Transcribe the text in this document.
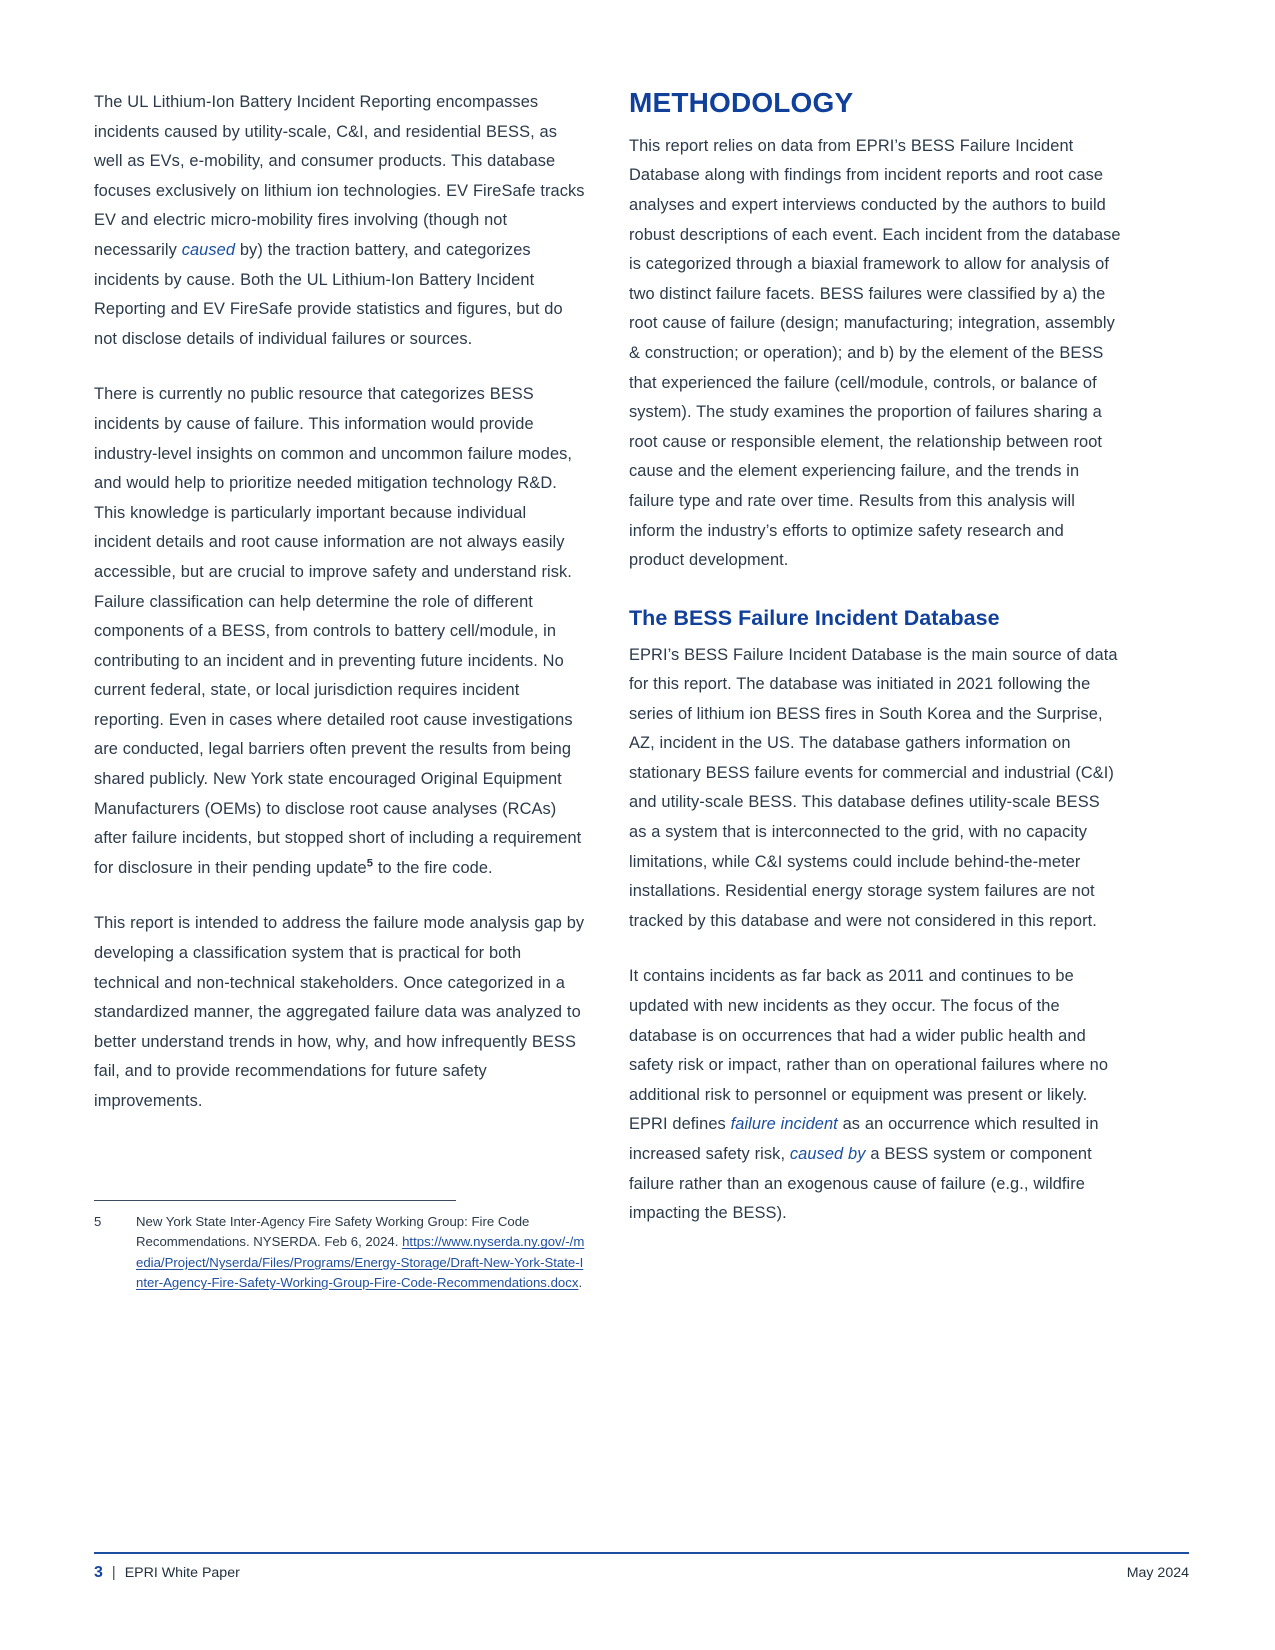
The UL Lithium-Ion Battery Incident Reporting encompasses incidents caused by utility-scale, C&I, and residential BESS, as well as EVs, e-mobility, and consumer products. This database focuses exclusively on lithium ion technologies. EV FireSafe tracks EV and electric micro-mobility fires involving (though not necessarily caused by) the traction battery, and categorizes incidents by cause. Both the UL Lithium-Ion Battery Incident Reporting and EV FireSafe provide statistics and figures, but do not disclose details of individual failures or sources.

There is currently no public resource that categorizes BESS incidents by cause of failure. This information would provide industry-level insights on common and uncommon failure modes, and would help to prioritize needed mitigation technology R&D. This knowledge is particularly important because individual incident details and root cause information are not always easily accessible, but are crucial to improve safety and understand risk. Failure classification can help determine the role of different components of a BESS, from controls to battery cell/module, in contributing to an incident and in preventing future incidents. No current federal, state, or local jurisdiction requires incident reporting. Even in cases where detailed root cause investigations are conducted, legal barriers often prevent the results from being shared publicly. New York state encouraged Original Equipment Manufacturers (OEMs) to disclose root cause analyses (RCAs) after failure incidents, but stopped short of including a requirement for disclosure in their pending update$^5$ to the fire code.

This report is intended to address the failure mode analysis gap by developing a classification system that is practical for both technical and non-technical stakeholders. Once categorized in a standardized manner, the aggregated failure data was analyzed to better understand trends in how, why, and how infrequently BESS fail, and to provide recommendations for future safety improvements.

5	New York State Inter-Agency Fire Safety Working Group: Fire Code Recommendations. NYSERDA. Feb 6, 2024. https://www.nyserda.ny.gov/-/media/Project/Nyserda/Files/Programs/Energy-Storage/Draft-New-York-State-Inter-Agency-Fire-Safety-Working-Group-Fire-Code-Recommendations.docx.
METHODOLOGY

This report relies on data from EPRI’s BESS Failure Incident Database along with findings from incident reports and root case analyses and expert interviews conducted by the authors to build robust descriptions of each event. Each incident from the database is categorized through a biaxial framework to allow for analysis of two distinct failure facets. BESS failures were classified by a) the root cause of failure (design; manufacturing; integration, assembly & construction; or operation); and b) by the element of the BESS that experienced the failure (cell/module, controls, or balance of system). The study examines the proportion of failures sharing a root cause or responsible element, the relationship between root cause and the element experiencing failure, and the trends in failure type and rate over time. Results from this analysis will inform the industry’s efforts to optimize safety research and product development.

The BESS Failure Incident Database

EPRI’s BESS Failure Incident Database is the main source of data for this report. The database was initiated in 2021 following the series of lithium ion BESS fires in South Korea and the Surprise, AZ, incident in the US. The database gathers information on stationary BESS failure events for commercial and industrial (C&I) and utility-scale BESS. This database defines utility-scale BESS as a system that is interconnected to the grid, with no capacity limitations, while C&I systems could include behind-the-meter installations. Residential energy storage system failures are not tracked by this database and were not considered in this report.

It contains incidents as far back as 2011 and continues to be updated with new incidents as they occur. The focus of the database is on occurrences that had a wider public health and safety risk or impact, rather than on operational failures where no additional risk to personnel or equipment was present or likely. EPRI defines failure incident as an occurrence which resulted in increased safety risk, caused by a BESS system or component failure rather than an exogenous cause of failure (e.g., wildfire impacting the BESS).

3 | EPRI White Paper	May 2024
